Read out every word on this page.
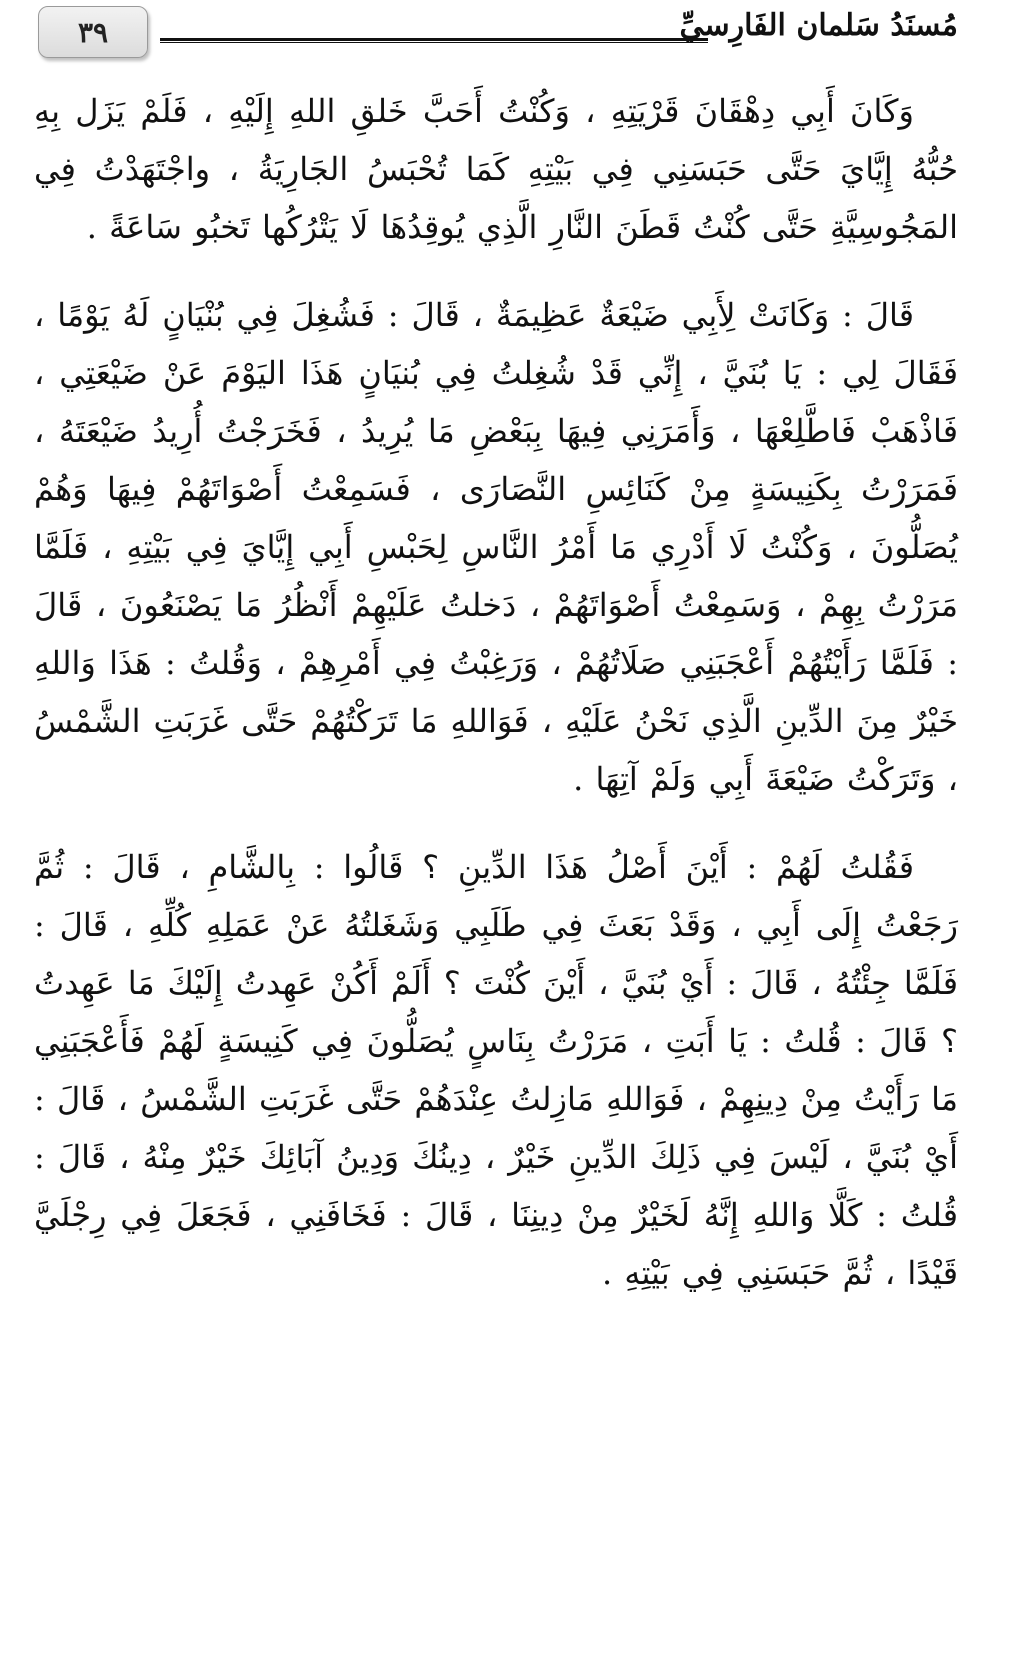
٣٩	مُسنَدُ سَلمان الفَارِسيِّ

وَكَانَ أَبِي دِهْقَانَ قَرْيَتِهِ ، وَكُنْتُ أَحَبَّ خَلقِ اللهِ إِلَيْهِ ، فَلَمْ يَزَل بِهِ حُبُّهُ إِيَّايَ حَتَّى حَبَسَنِي فِي بَيْتِهِ كَمَا تُحْبَسُ الجَارِيَةُ ، واجْتَهَدْتُ فِي المَجُوسِيَّةِ حَتَّى كُنْتُ قَطَنَ النَّارِ الَّذِي يُوقِدُهَا لَا يَتْرُكُها تَخبُو سَاعَةً .

قَالَ : وَكَانَتْ لِأَبِي ضَيْعَةٌ عَظِيمَةٌ ، قَالَ : فَشُغِلَ فِي بُنْيَانٍ لَهُ يَوْمًا ، فَقَالَ لِي : يَا بُنَيَّ ، إِنِّي قَدْ شُغِلتُ فِي بُنيَانٍ هَذَا اليَوْمَ عَنْ ضَيْعَتِي ، فَاذْهَبْ فَاطَّلِعْهَا ، وَأَمَرَنِي فِيهَا بِبَعْضِ مَا يُرِيدُ ، فَخَرَجْتُ أُرِيدُ ضَيْعَتَهُ ، فَمَرَرْتُ بِكَنِيسَةٍ مِنْ كَنَائِسِ النَّصَارَى ، فَسَمِعْتُ أَصْوَاتَهُمْ فِيهَا وَهُمْ يُصَلُّونَ ، وَكُنْتُ لَا أَدْرِي مَا أَمْرُ النَّاسِ لِحَبْسِ أَبِي إِيَّايَ فِي بَيْتِهِ ، فَلَمَّا مَرَرْتُ بِهِمْ ، وَسَمِعْتُ أَصْوَاتَهُمْ ، دَخلتُ عَلَيْهِمْ أَنْظُرُ مَا يَصْنَعُونَ ، قَالَ : فَلَمَّا رَأَيْتُهُمْ أَعْجَبَنِي صَلَاتُهُمْ ، وَرَغِبْتُ فِي أَمْرِهِمْ ، وَقُلتُ : هَذَا وَاللهِ خَيْرٌ مِنَ الدِّينِ الَّذِي نَحْنُ عَلَيْهِ ، فَوَاللهِ مَا تَرَكْتُهُمْ حَتَّى غَرَبَتِ الشَّمْسُ ، وَتَرَكْتُ ضَيْعَةَ أَبِي وَلَمْ آتِهَا .

فَقُلتُ لَهُمْ : أَيْنَ أَصْلُ هَذَا الدِّينِ ؟ قَالُوا : بِالشَّامِ ، قَالَ : ثُمَّ رَجَعْتُ إِلَى أَبِي ، وَقَدْ بَعَثَ فِي طَلَبِي وَشَغَلتُهُ عَنْ عَمَلِهِ كُلِّهِ ، قَالَ : فَلَمَّا جِئْتُهُ ، قَالَ : أَيْ بُنَيَّ ، أَيْنَ كُنْتَ ؟ أَلَمْ أَكُنْ عَهِدتُ إِلَيْكَ مَا عَهِدتُ ؟ قَالَ : قُلتُ : يَا أَبَتِ ، مَرَرْتُ بِنَاسٍ يُصَلُّونَ فِي كَنِيسَةٍ لَهُمْ فَأَعْجَبَنِي مَا رَأَيْتُ مِنْ دِينِهِمْ ، فَوَاللهِ مَازِلتُ عِنْدَهُمْ حَتَّى غَرَبَتِ الشَّمْسُ ، قَالَ : أَيْ بُنَيَّ ، لَيْسَ فِي ذَلِكَ الدِّينِ خَيْرٌ ، دِينُكَ وَدِينُ آبَائِكَ خَيْرٌ مِنْهُ ، قَالَ : قُلتُ : كَلَّا وَاللهِ إِنَّهُ لَخَيْرٌ مِنْ دِينِنَا ، قَالَ : فَخَافَنِي ، فَجَعَلَ فِي رِجْلَيَّ قَيْدًا ، ثُمَّ حَبَسَنِي فِي بَيْتِهِ .
